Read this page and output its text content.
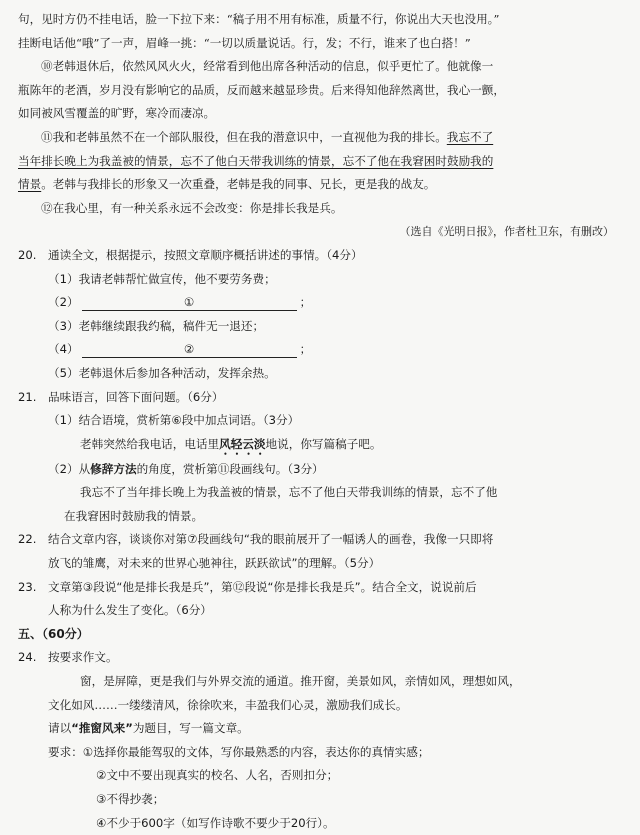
句，见时方仍不挂电话，脸一下拉下来：“稿子用不用有标准，质量不行，你说出大天也没用。”

挂断电话他“哦”了一声，眉峰一挑：“一切以质量说话。行，发；不行，谁来了也白搭！”

⑩老韩退休后，依然风风火火，经常看到他出席各种活动的信息，似乎更忙了。他就像一

瓶陈年的老酒，岁月没有影响它的品质，反而越来越显珍贵。后来得知他辞然离世，我心一颤，

如同被风雪覆盖的旷野，寒冷而凄凉。

⑪我和老韩虽然不在一个部队服役，但在我的潜意识中，一直视他为我的排长。我忘不了

当年排长晚上为我盖被的情景，忘不了他白天带我训练的情景，忘不了他在我窘困时鼓励我的

情景。老韩与我排长的形象又一次重叠，老韩是我的同事、兄长，更是我的战友。

⑫在我心里，有一种关系永远不会改变：你是排长我是兵。

（选自《光明日报》，作者杜卫东，有删改）

20. 通读全文，根据提示，按照文章顺序概括讲述的事情。（4分）

（1）我请老韩帮忙做宣传，他不要劳务费；

（2）	①	；

（3）老韩继续跟我约稿，稿件无一退还；

（4）	②	；

（5）老韩退休后参加各种活动，发挥余热。

21. 品味语言，回答下面问题。（6分）

（1）结合语境，赏析第⑥段中加点词语。（3分）

老韩突然给我电话，电话里风轻云淡地说，你写篇稿子吧。

（2）从修辞方法的角度，赏析第⑪段画线句。（3分）

我忘不了当年排长晚上为我盖被的情景，忘不了他白天带我训练的情景，忘不了他

在我窘困时鼓励我的情景。

22. 结合文章内容，谈谈你对第⑦段画线句“我的眼前展开了一幅诱人的画卷，我像一只即将

放飞的雏鹰，对未来的世界心驰神往，跃跃欲试”的理解。（5分）

23. 文章第③段说“他是排长我是兵”，第⑫段说“你是排长我是兵”。结合全文，说说前后

人称为什么发生了变化。（6分）

五、（60分）

24. 按要求作文。

窗，是屏障，更是我们与外界交流的通道。推开窗，美景如风，亲情如风，理想如风，

文化如风……一缕缕清风，徐徐吹来，丰盈我们心灵，激励我们成长。

请以“推窗风来”为题目，写一篇文章。

要求：①选择你最能驾驭的文体，写你最熟悉的内容，表达你的真情实感；

②文中不要出现真实的校名、人名，否则扣分；

③不得抄袭；

④不少于600字（如写作诗歌不要少于20行）。
